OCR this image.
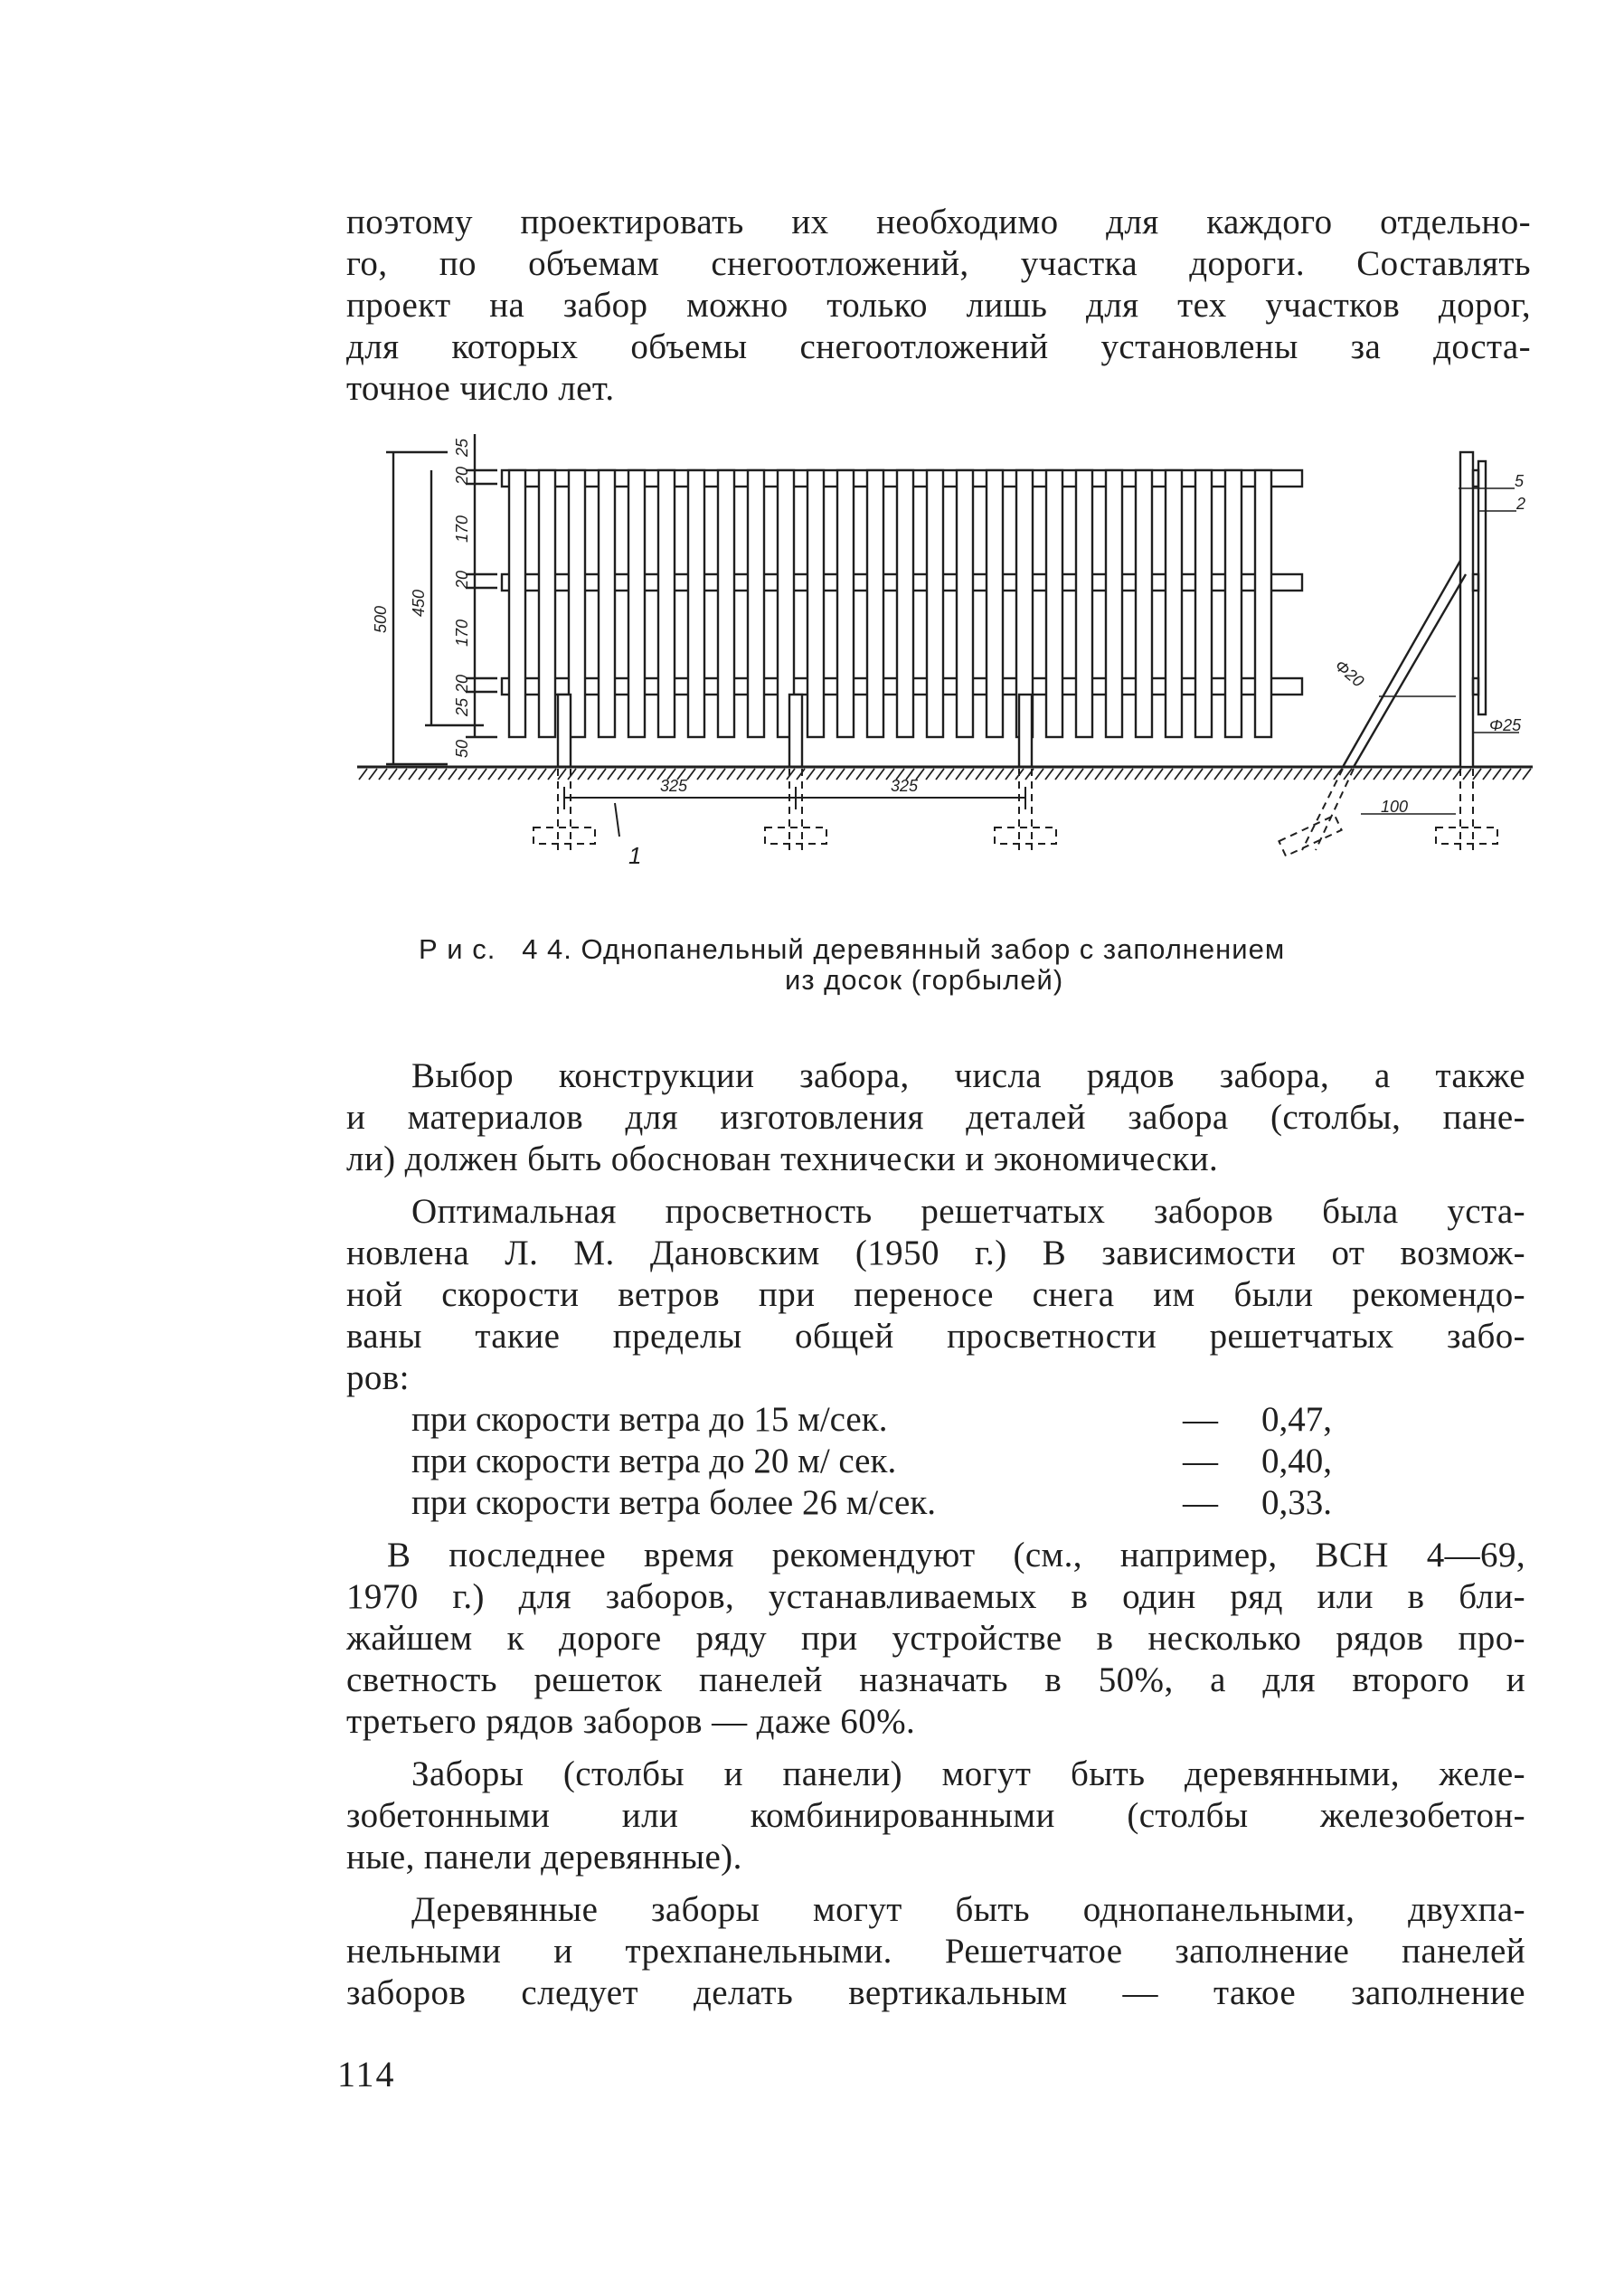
поэтому проектировать их необходимо для каждого отдельно-
го, по объемам снегоотложений, участка дороги. Составлять
проект на забор можно только лишь для тех участков дорог,
для которых объемы снегоотложений установлены за доста-
точное число лет.
25
20
170
20
170
20
25
50
450
500
325	325
1
5
2
Φ20
Φ25
100
Р и с. 4 4. Однопанельный деревянный забор с заполнением
из досок (горбылей)
Выбор конструкции забора, числа рядов забора, а также
и материалов для изготовления деталей забора (столбы, пане-
ли) должен быть обоснован технически и экономически.
Оптимальная просветность решетчатых заборов была уста-
новлена Л. М. Дановским (1950 г.) В зависимости от возмож-
ной скорости ветров при переносе снега им были рекомендо-
ваны такие пределы общей просветности решетчатых забо-
ров:
при скорости ветра до 15 м/сек.	— 0,47,
при скорости ветра до 20 м/ сек.	— 0,40,
при скорости ветра более 26 м/сек.	— 0,33.
В последнее время рекомендуют (см., например, ВСН 4—69,
1970 г.) для заборов, устанавливаемых в один ряд или в бли-
жайшем к дороге ряду при устройстве в несколько рядов про-
светность решеток панелей назначать в 50%, а для второго и
третьего рядов заборов — даже 60%.
Заборы (столбы и панели) могут быть деревянными, желе-
зобетонными или комбинированными (столбы железобетон-
ные, панели деревянные).
Деревянные заборы могут быть однопанельными, двухпа-
нельными и трехпанельными. Решетчатое заполнение панелей
заборов следует делать вертикальным — такое заполнение
114
